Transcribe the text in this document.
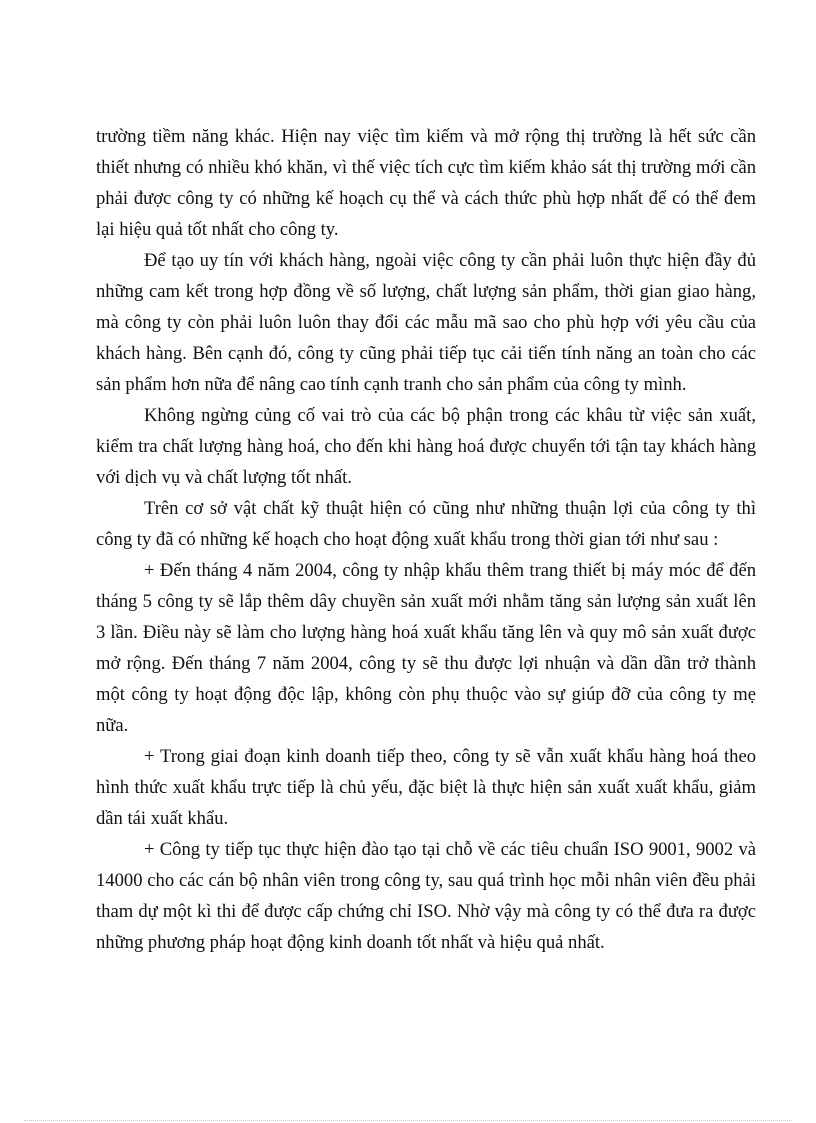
trường tiềm năng khác. Hiện nay việc tìm kiếm và mở rộng thị trường là hết sức cần thiết nhưng có nhiều khó khăn, vì thế việc tích cực tìm kiếm khảo sát thị trường mới cần phải được công ty có những kế hoạch cụ thể và cách thức phù hợp nhất để có thể đem lại hiệu quả tốt nhất cho công ty.

Để tạo uy tín với khách hàng, ngoài việc công ty cần phải luôn thực hiện đầy đủ những cam kết trong hợp đồng về số lượng, chất lượng sản phẩm, thời gian giao hàng, mà công ty còn phải luôn luôn thay đổi các mẫu mã sao cho phù hợp với yêu cầu của khách hàng. Bên cạnh đó, công ty cũng phải tiếp tục cải tiến tính năng an toàn cho các sản phẩm hơn nữa để nâng cao tính cạnh tranh cho sản phẩm của công ty mình.

Không ngừng củng cố vai trò của các bộ phận trong các khâu từ việc sản xuất, kiểm tra chất lượng hàng hoá, cho đến khi hàng hoá được chuyển tới tận tay khách hàng với dịch vụ và chất lượng tốt nhất.

Trên cơ sở vật chất kỹ thuật hiện có cũng như những thuận lợi của công ty thì công ty đã có những kế hoạch cho hoạt động xuất khẩu trong thời gian tới như sau :

+ Đến tháng 4 năm 2004, công ty nhập khẩu thêm trang thiết bị máy móc để đến tháng 5 công ty sẽ lắp thêm dây chuyền sản xuất mới nhằm tăng sản lượng sản xuất lên 3 lần. Điều này sẽ làm cho lượng hàng hoá xuất khẩu tăng lên và quy mô sản xuất được mở rộng. Đến tháng 7 năm 2004, công ty sẽ thu được lợi nhuận và dần dần trở thành một công ty hoạt động độc lập, không còn phụ thuộc vào sự giúp đỡ của công ty mẹ nữa.

+ Trong giai đoạn kinh doanh tiếp theo, công ty sẽ vẫn xuất khẩu hàng hoá theo hình thức xuất khẩu trực tiếp là chủ yếu, đặc biệt là thực hiện sản xuất xuất khẩu, giảm dần tái xuất khẩu.

+ Công ty tiếp tục thực hiện đào tạo tại chỗ về các tiêu chuẩn ISO 9001, 9002 và 14000 cho các cán bộ nhân viên trong công ty, sau quá trình học mỗi nhân viên đều phải tham dự một kì thi để được cấp chứng chỉ ISO. Nhờ vậy mà công ty có thể đưa ra được những phương pháp hoạt động kinh doanh tốt nhất và hiệu quả nhất.
